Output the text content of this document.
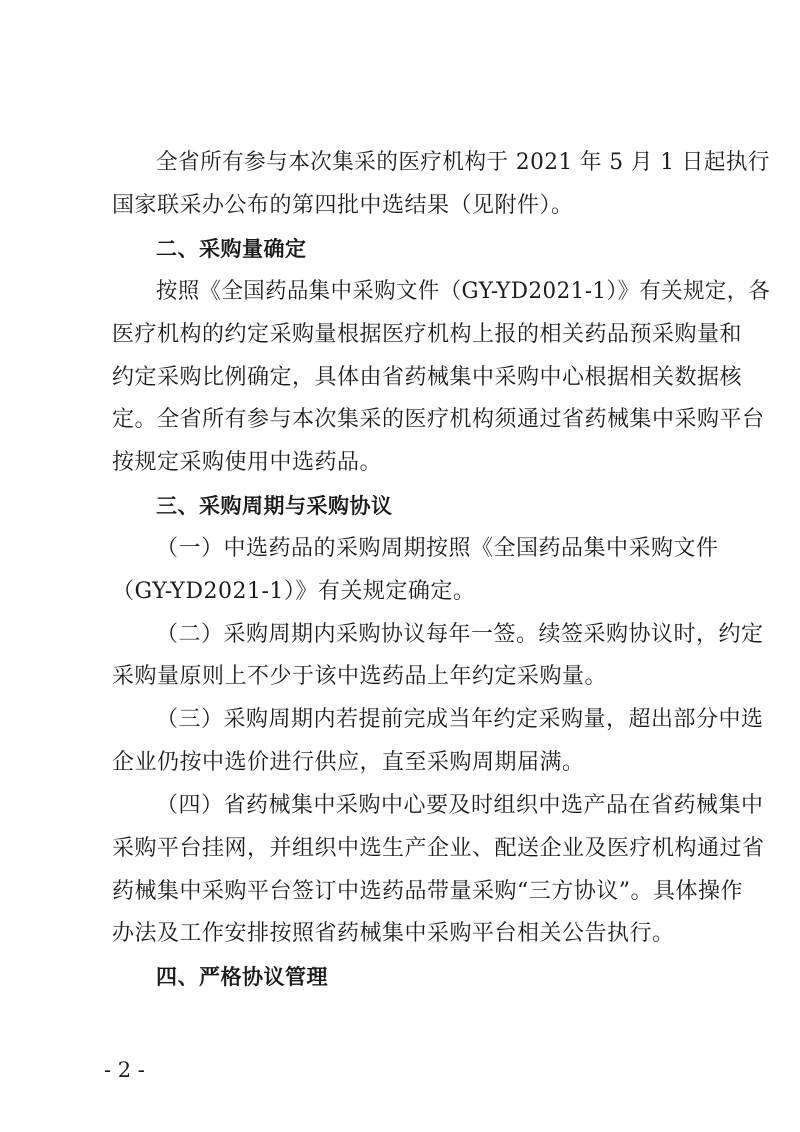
全省所有参与本次集采的医疗机构于 2021 年 5 月 1 日起执行
国家联采办公布的第四批中选结果（见附件）。
二、采购量确定
按照《全国药品集中采购文件（GY-YD2021-1）》有关规定，各
医疗机构的约定采购量根据医疗机构上报的相关药品预采购量和
约定采购比例确定，具体由省药械集中采购中心根据相关数据核
定。全省所有参与本次集采的医疗机构须通过省药械集中采购平台
按规定采购使用中选药品。
三、采购周期与采购协议
（一）中选药品的采购周期按照《全国药品集中采购文件
（GY-YD2021-1）》有关规定确定。
（二）采购周期内采购协议每年一签。续签采购协议时，约定
采购量原则上不少于该中选药品上年约定采购量。
（三）采购周期内若提前完成当年约定采购量，超出部分中选
企业仍按中选价进行供应，直至采购周期届满。
（四）省药械集中采购中心要及时组织中选产品在省药械集中
采购平台挂网，并组织中选生产企业、配送企业及医疗机构通过省
药械集中采购平台签订中选药品带量采购“三方协议”。具体操作
办法及工作安排按照省药械集中采购平台相关公告执行。
四、严格协议管理
- 2 -
